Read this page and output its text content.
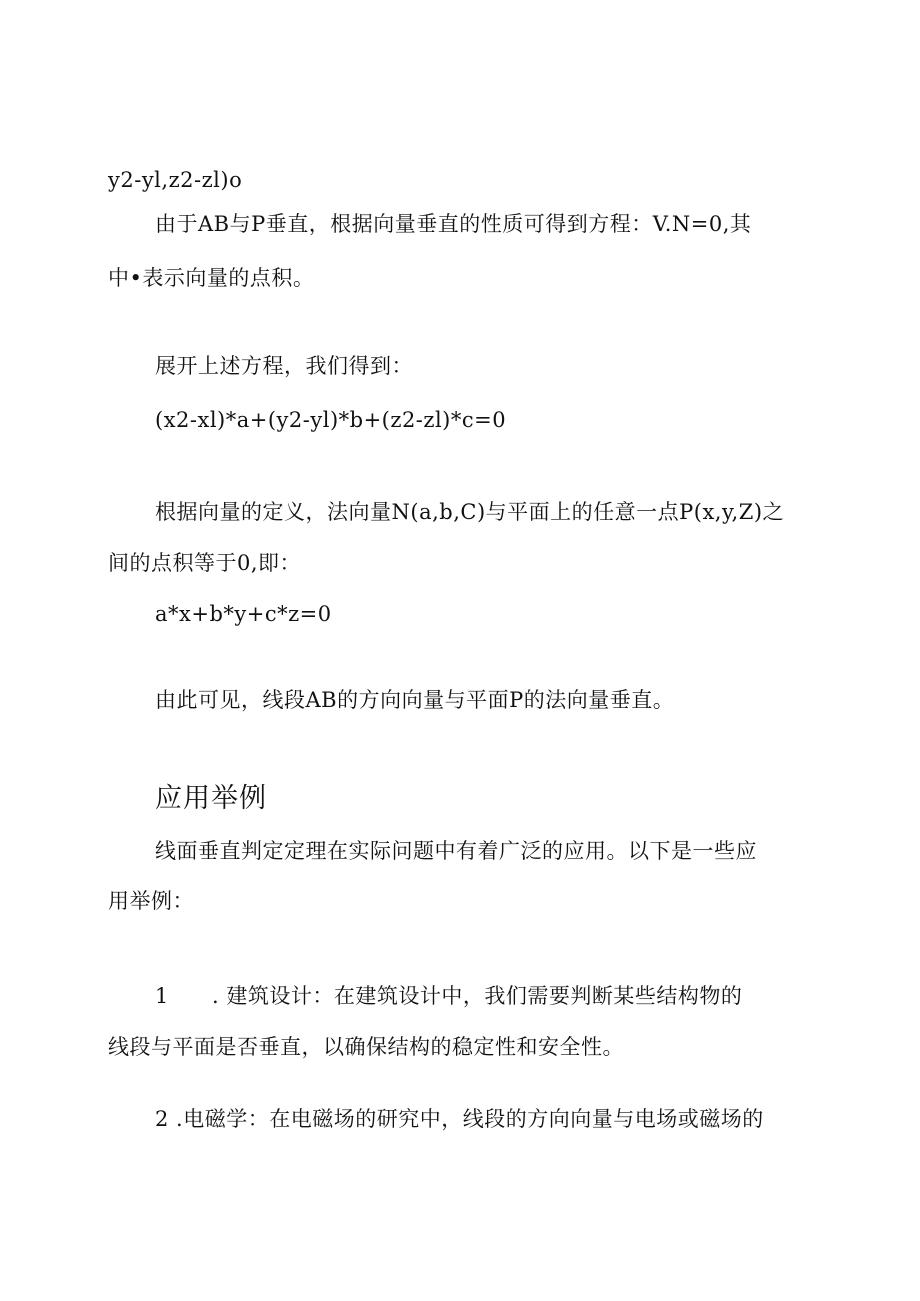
y2-yl,z2-zl)o
由于AB与P垂直，根据向量垂直的性质可得到方程：V.N=0,其
中•表示向量的点积。
展开上述方程，我们得到：
(x2-xl)*a+(y2-yl)*b+(z2-zl)*c=0
根据向量的定义，法向量N(a,b,C)与平面上的任意一点P(x,y,Z)之
间的点积等于0,即：
a*x+b*y+c*z=0
由此可见，线段AB的方向向量与平面P的法向量垂直。
应用举例
线面垂直判定定理在实际问题中有着广泛的应用。以下是一些应
用举例：
1 . 建筑设计：在建筑设计中，我们需要判断某些结构物的
线段与平面是否垂直，以确保结构的稳定性和安全性。
2 .电磁学：在电磁场的研究中，线段的方向向量与电场或磁场的
